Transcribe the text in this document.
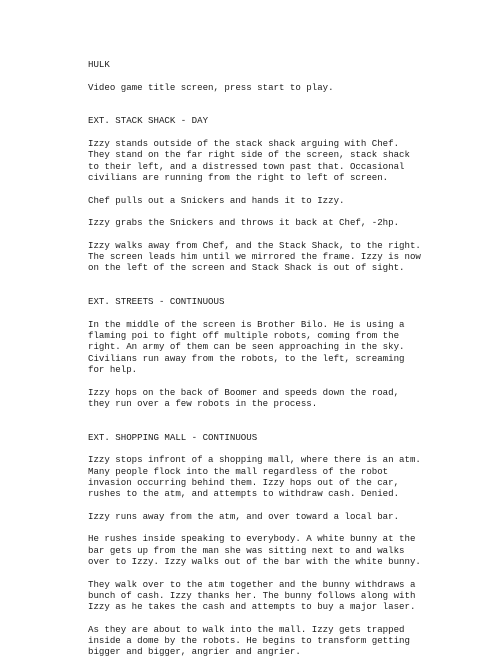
HULK
Video game title screen, press start to play.
EXT. STACK SHACK - DAY
Izzy stands outside of the stack shack arguing with Chef.
They stand on the far right side of the screen, stack shack
to their left, and a distressed town past that. Occasional
civilians are running from the right to left of screen.
Chef pulls out a Snickers and hands it to Izzy.
Izzy grabs the Snickers and throws it back at Chef, -2hp.
Izzy walks away from Chef, and the Stack Shack, to the right.
The screen leads him until we mirrored the frame. Izzy is now
on the left of the screen and Stack Shack is out of sight.
EXT. STREETS - CONTINUOUS
In the middle of the screen is Brother Bilo. He is using a
flaming poi to fight off multiple robots, coming from the
right. An army of them can be seen approaching in the sky.
Civilians run away from the robots, to the left, screaming
for help.
Izzy hops on the back of Boomer and speeds down the road,
they run over a few robots in the process.
EXT. SHOPPING MALL - CONTINUOUS
Izzy stops infront of a shopping mall, where there is an atm.
Many people flock into the mall regardless of the robot
invasion occurring behind them. Izzy hops out of the car,
rushes to the atm, and attempts to withdraw cash. Denied.
Izzy runs away from the atm, and over toward a local bar.
He rushes inside speaking to everybody. A white bunny at the
bar gets up from the man she was sitting next to and walks
over to Izzy. Izzy walks out of the bar with the white bunny.
They walk over to the atm together and the bunny withdraws a
bunch of cash. Izzy thanks her. The bunny follows along with
Izzy as he takes the cash and attempts to buy a major laser.
As they are about to walk into the mall. Izzy gets trapped
inside a dome by the robots. He begins to transform getting
bigger and bigger, angrier and angrier.
